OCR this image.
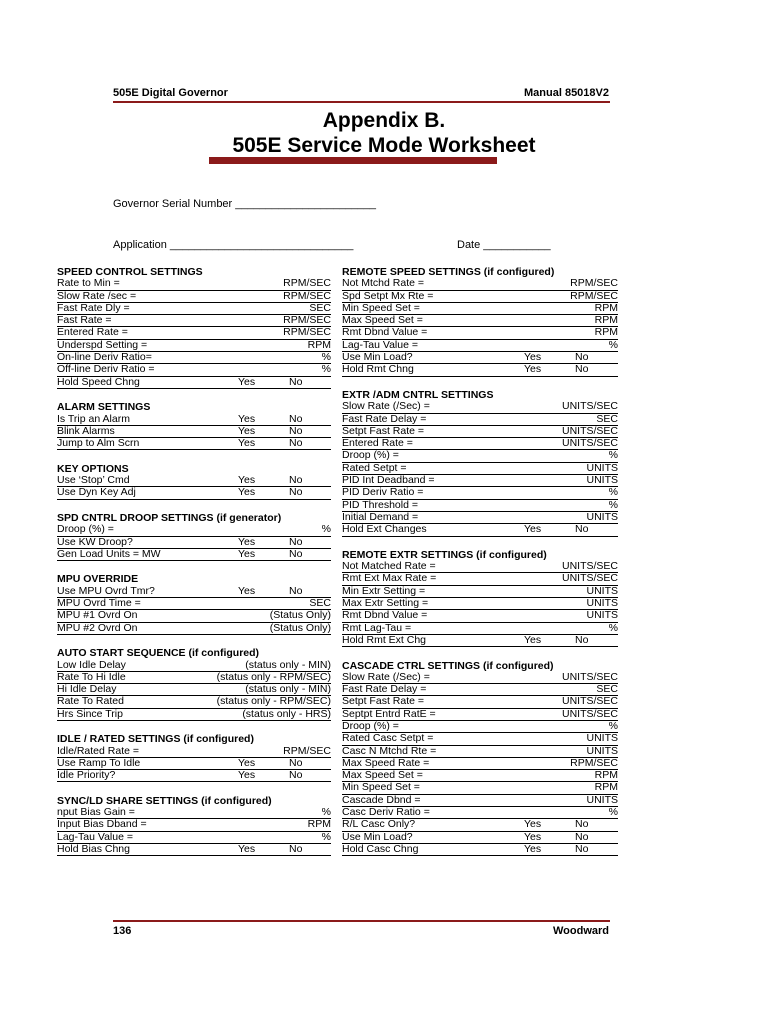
505E Digital Governor	Manual 85018V2
Appendix B.
505E Service Mode Worksheet
Governor Serial Number _______________________
Application ______________________________	Date ___________
SPEED CONTROL SETTINGS
Rate to Min =	RPM/SEC
Slow Rate /sec =	RPM/SEC
Fast Rate Dly =	SEC
Fast Rate =	RPM/SEC
Entered Rate =	RPM/SEC
Underspd Setting =	RPM
On-line Deriv Ratio=	%
Off-line Deriv Ratio =	%
Hold Speed Chng	Yes	No
ALARM SETTINGS
Is Trip an Alarm	Yes	No
Blink Alarms	Yes	No
Jump to Alm Scrn	Yes	No
KEY OPTIONS
Use ‘Stop’ Cmd	Yes	No
Use Dyn Key Adj	Yes	No
SPD CNTRL DROOP SETTINGS (if generator)
Droop (%) =	%
Use KW Droop?	Yes	No
Gen Load Units = MW	Yes	No
MPU OVERRIDE
Use MPU Ovrd Tmr?	Yes	No
MPU Ovrd Time =	SEC
MPU #1 Ovrd On	(Status Only)
MPU #2 Ovrd On	(Status Only)
AUTO START SEQUENCE (if configured)
Low Idle Delay	(status only - MIN)
Rate To Hi Idle	(status only - RPM/SEC)
Hi Idle Delay	(status only - MIN)
Rate To Rated	(status only - RPM/SEC)
Hrs Since Trip	(status only - HRS)
IDLE / RATED SETTINGS (if configured)
Idle/Rated Rate =	RPM/SEC
Use Ramp To Idle	Yes	No
Idle Priority?	Yes	No
SYNC/LD SHARE SETTINGS (if configured)
nput Bias Gain =	%
Input Bias Dband =	RPM
Lag-Tau Value =	%
Hold Bias Chng	Yes	No
REMOTE SPEED SETTINGS (if configured)
Not Mtchd Rate =	RPM/SEC
Spd Setpt Mx Rte =	RPM/SEC
Min Speed Set =	RPM
Max Speed Set =	RPM
Rmt Dbnd Value =	RPM
Lag-Tau Value =	%
Use Min Load?	Yes	No
Hold Rmt Chng	Yes	No
EXTR /ADM CNTRL SETTINGS
Slow Rate (/Sec) =	UNITS/SEC
Fast Rate Delay =	SEC
Setpt Fast Rate =	UNITS/SEC
Entered Rate =	UNITS/SEC
Droop (%) =	%
Rated Setpt =	UNITS
PID Int Deadband =	UNITS
PID Deriv Ratio =	%
PID Threshold =	%
Initial Demand =	UNITS
Hold Ext Changes	Yes	No
REMOTE EXTR SETTINGS (if configured)
Not Matched Rate =	UNITS/SEC
Rmt Ext Max Rate =	UNITS/SEC
Min Extr Setting =	UNITS
Max Extr Setting =	UNITS
Rmt Dbnd Value =	UNITS
Rmt Lag-Tau =	%
Hold Rmt Ext Chg	Yes	No
CASCADE CTRL SETTINGS (if configured)
Slow Rate (/Sec) =	UNITS/SEC
Fast Rate Delay =	SEC
Setpt Fast Rate =	UNITS/SEC
Septpt Entrd RatE =	UNITS/SEC
Droop (%) =	%
Rated Casc Setpt =	UNITS
Casc N Mtchd Rte =	UNITS
Max Speed Rate =	RPM/SEC
Max Speed Set =	RPM
Min Speed Set =	RPM
Cascade Dbnd =	UNITS
Casc Deriv Ratio =	%
R/L Casc Only?	Yes	No
Use Min Load?	Yes	No
Hold Casc Chng	Yes	No
136	Woodward
